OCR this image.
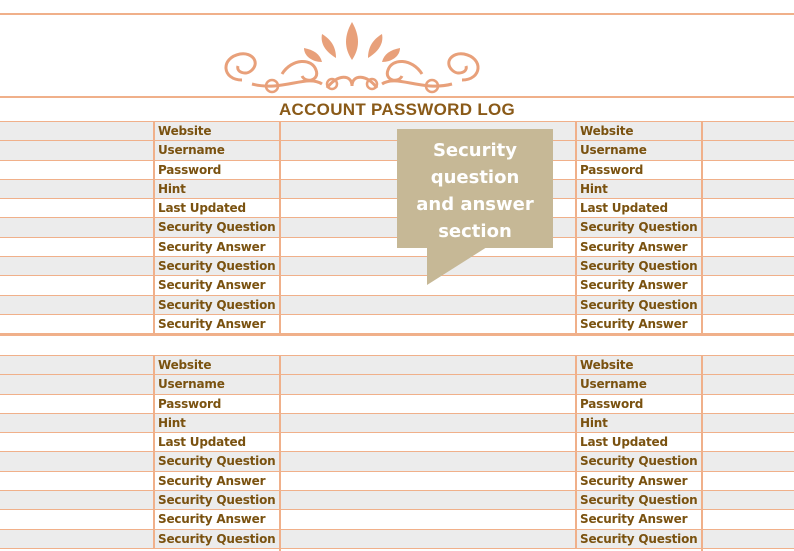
ACCOUNT PASSWORD LOG
Website	Website
Username	Username
Password	Password
Hint	Hint
Last Updated	Last Updated
Security Question	Security Question
Security Answer	Security Answer
Security Question	Security Question
Security Answer	Security Answer
Security Question	Security Question
Security Answer	Security Answer
Website	Website
Username	Username
Password	Password
Hint	Hint
Last Updated	Last Updated
Security Question	Security Question
Security Answer	Security Answer
Security Question	Security Question
Security Answer	Security Answer
Security Question	Security Question
Security
question
and answer
section
